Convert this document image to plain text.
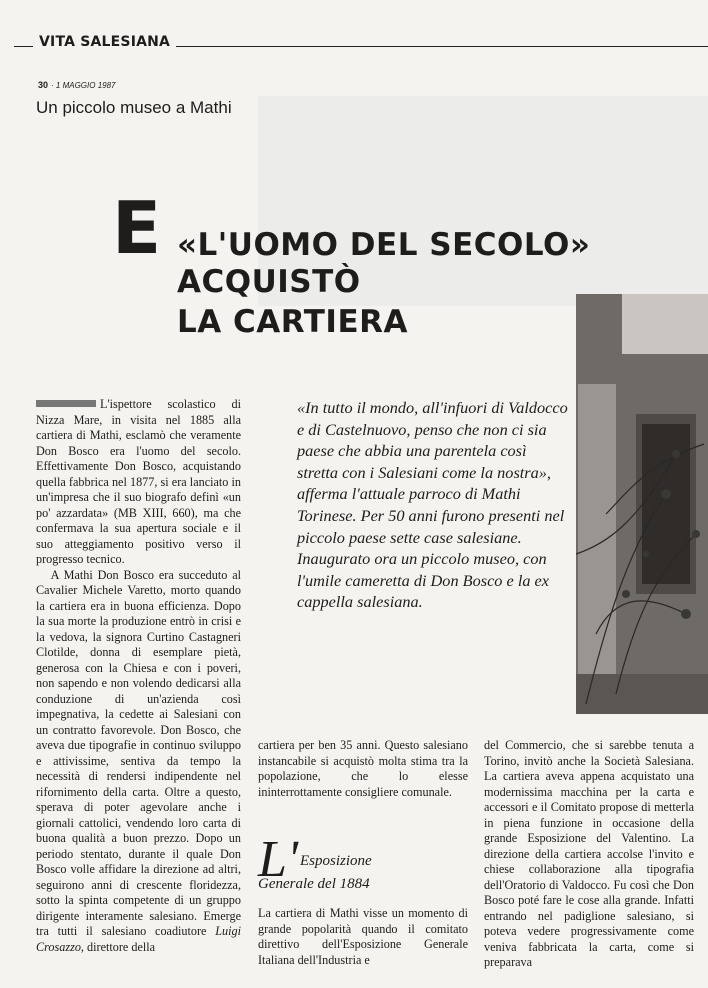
VITA SALESIANA
30 · 1 MAGGIO 1987
Un piccolo museo a Mathi
E «L'UOMO DEL SECOLO»
ACQUISTÒ
LA CARTIERA
«In tutto il mondo, all'infuori di Valdocco e di Castelnuovo, penso che non ci sia paese che abbia una parentela così stretta con i Salesiani come la nostra», afferma l'attuale parroco di Mathi Torinese. Per 50 anni furono presenti nel piccolo paese sette case salesiane. Inaugurato ora un piccolo museo, con l'umile cameretta di Don Bosco e la ex cappella salesiana.
L'ispettore scolastico di Nizza Mare, in visita nel 1885 alla cartiera di Mathi, esclamò che veramente Don Bosco era l'uomo del secolo. Effettivamente Don Bosco, acquistando quella fabbrica nel 1877, si era lanciato in un'impresa che il suo biografo definì «un po' azzardata» (MB XIII, 660), ma che confermava la sua apertura sociale e il suo atteggiamento positivo verso il progresso tecnico.
A Mathi Don Bosco era succeduto al Cavalier Michele Varetto, morto quando la cartiera era in buona efficienza. Dopo la sua morte la produzione entrò in crisi e la vedova, la signora Curtino Castagneri Clotilde, donna di esemplare pietà, generosa con la Chiesa e con i poveri, non sapendo e non volendo dedicarsi alla conduzione di un'azienda così impegnativa, la cedette ai Salesiani con un contratto favorevole. Don Bosco, che aveva due tipografie in continuo sviluppo e attivissime, sentiva da tempo la necessità di rendersi indipendente nel rifornimento della carta. Oltre a questo, sperava di poter agevolare anche i giornali cattolici, vendendo loro carta di buona qualità a buon prezzo. Dopo un periodo stentato, durante il quale Don Bosco volle affidare la direzione ad altri, seguirono anni di crescente floridezza, sotto la spinta competente di un gruppo dirigente interamente salesiano. Emerge tra tutti il salesiano coadiutore Luigi Crosazzo, direttore della
cartiera per ben 35 anni. Questo salesiano instancabile si acquistò molta stima tra la popolazione, che lo elesse ininterrottamente consigliere comunale.
L' Esposizione
Generale del 1884
La cartiera di Mathi visse un momento di grande popolarità quando il comitato direttivo dell'Esposizione Generale Italiana dell'Industria e
del Commercio, che si sarebbe tenuta a Torino, invitò anche la Società Salesiana. La cartiera aveva appena acquistato una modernissima macchina per la carta e accessori e il Comitato propose di metterla in piena funzione in occasione della grande Esposizione del Valentino. La direzione della cartiera accolse l'invito e chiese collaborazione alla tipografia dell'Oratorio di Valdocco. Fu così che Don Bosco poté fare le cose alla grande. Infatti entrando nel padiglione salesiano, si poteva vedere progressivamente come veniva fabbricata la carta, come si preparava
